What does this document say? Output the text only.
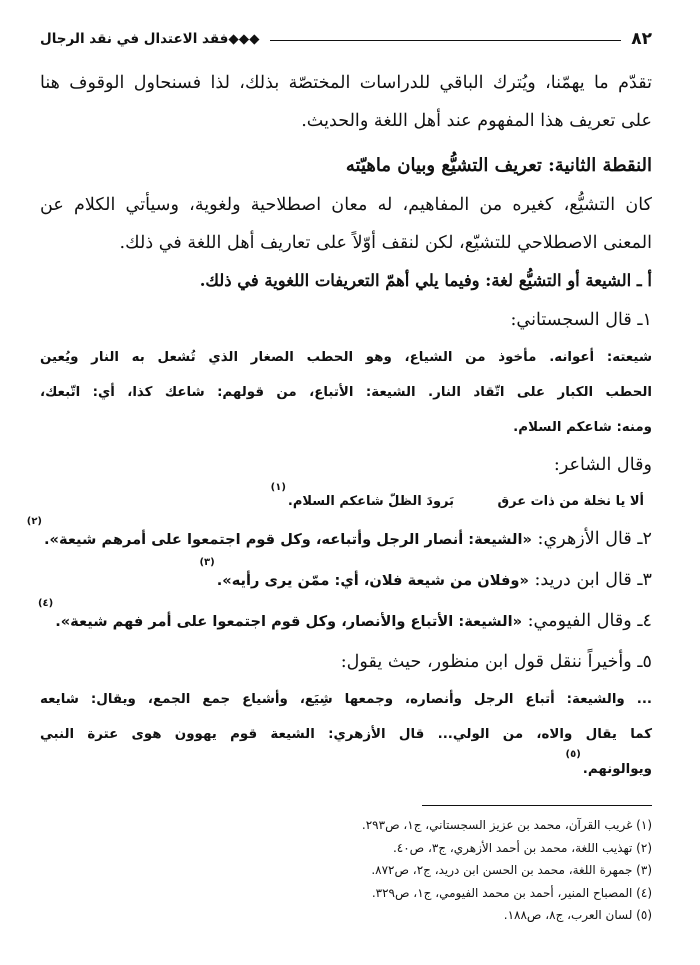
٨٢
◆◆◆فقد الاعتدال في نقد الرجال

تقدّم ما يهمّنا، ويُترك الباقي للدراسات المختصّة بذلك، لذا فسنحاول الوقوف هنا

على تعريف هذا المفهوم عند أهل اللغة والحديث.

النقطة الثانية: تعريف التشيُّع وبيان ماهيّته

كان التشيُّع، كغيره من المفاهيم، له معان اصطلاحية ولغوية، وسيأتي الكلام عن

المعنى الاصطلاحي للتشيّع، لكن لنقف أوّلاً على تعاريف أهل اللغة في ذلك.

أ ـ الشيعة أو التشيُّع لغة: وفيما يلي أهمّ التعريفات اللغوية في ذلك.

١ـ قال السجستاني:

شيعته: أعوانه. مأخوذ من الشياع، وهو الحطب الصغار الذي تُشعل به النار ويُعين

الحطب الكبار على اتّقاد النار. الشيعة: الأتباع، من قولهم: شاعك كذا، أي: اتّبعك،

ومنه: شاعكم السلام.

وقال الشاعر:

ألا يا نخلة من ذات عرق
بَرودَ الظلّ شاعكم السلام.$^{(١)}$

٢ـ قال الأزهري: «الشيعة: أنصار الرجل وأتباعه، وكل قوم اجتمعوا على أمرهم شيعة».$^{(٢)}$

٣ـ قال ابن دريد: «وفلان من شيعة فلان، أي: ممّن يرى رأيه».$^{(٣)}$

٤ـ وقال الفيومي: «الشيعة: الأتباع والأنصار، وكل قوم اجتمعوا على أمر فهم شيعة».$^{(٤)}$

٥ـ وأخيراً ننقل قول ابن منظور، حيث يقول:

... والشيعة: أتباع الرجل وأنصاره، وجمعها شِيَع، وأشياع جمع الجمع، ويقال: شايعه

كما يقال والاه، من الولي... قال الأزهري: الشيعة قوم يهوون هوى عترة النبي

ويوالونهم.$^{(٥)}$

(١) غريب القرآن، محمد بن عزيز السجستاني، ج١، ص٢٩٣.

(٢) تهذيب اللغة، محمد بن أحمد الأزهري، ج٣، ص٤٠.

(٣) جمهرة اللغة، محمد بن الحسن ابن دريد، ج٢، ص٨٧٢.

(٤) المصباح المنير، أحمد بن محمد الفيومي، ج١، ص٣٢٩.

(٥) لسان العرب، ج٨، ص١٨٨.
